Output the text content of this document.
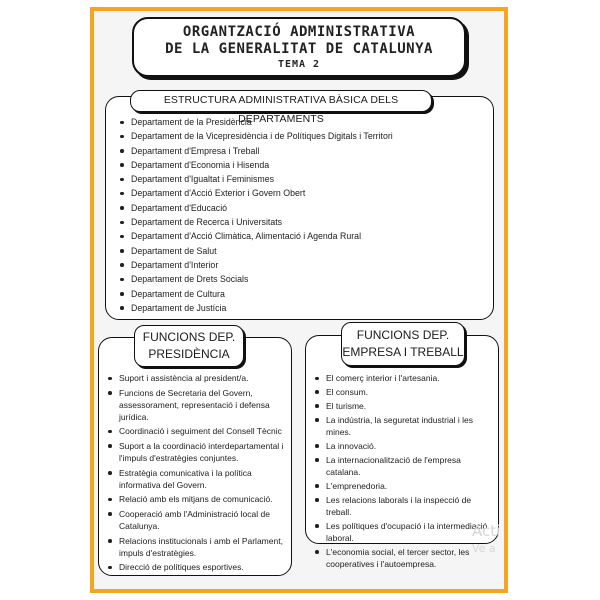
ORGANTZACIÓ ADMINISTRATIVA
DE LA GENERALITAT DE CATALUNYA
TEMA 2
ESTRUCTURA ADMINISTRATIVA BÀSICA DELS DEPARTAMENTS
Departament de la Presidència
Departament de la Vicepresidència i de Polítiques Digitals i Territori
Departament d'Empresa i Treball
Departament d'Economia i Hisenda
Departament d'Igualtat i Feminismes
Departament d'Acció Exterior i Govern Obert
Departament d'Educació
Departament de Recerca i Universitats
Departament d'Acció Climàtica, Alimentació i Agenda Rural
Departament de Salut
Departament d'Interior
Departament de Drets Socials
Departament de Cultura
Departament de Justícia
FUNCIONS DEP.
PRESIDÈNCIA
Suport i assistència al president/a.
Funcions de Secretaria del Govern, assessorament, representació i defensa jurídica.
Coordinació i seguiment del Consell Tècnic
Suport a la coordinació interdepartamental i l'impuls d'estratègies conjuntes.
Estratègia comunicativa i la política informativa del Govern.
Relació amb els mitjans de comunicació.
Cooperació amb l'Administració local de Catalunya.
Relacions institucionals i amb el Parlament, impuls d'estratègies.
Direcció de polítiques esportives.
FUNCIONS DEP.
EMPRESA I TREBALL
El comerç interior i l'artesania.
El consum.
El turisme.
La indústria, la seguretat industrial i les mines.
La innovació.
La internacionalització de l'empresa catalana.
L'emprenedoria.
Les relacions laborals i la inspecció de treball.
Les polítiques d'ocupació i la intermediació laboral.
L'economia social, el tercer sector, les cooperatives i l'autoempresa.
Acti
Ve a
